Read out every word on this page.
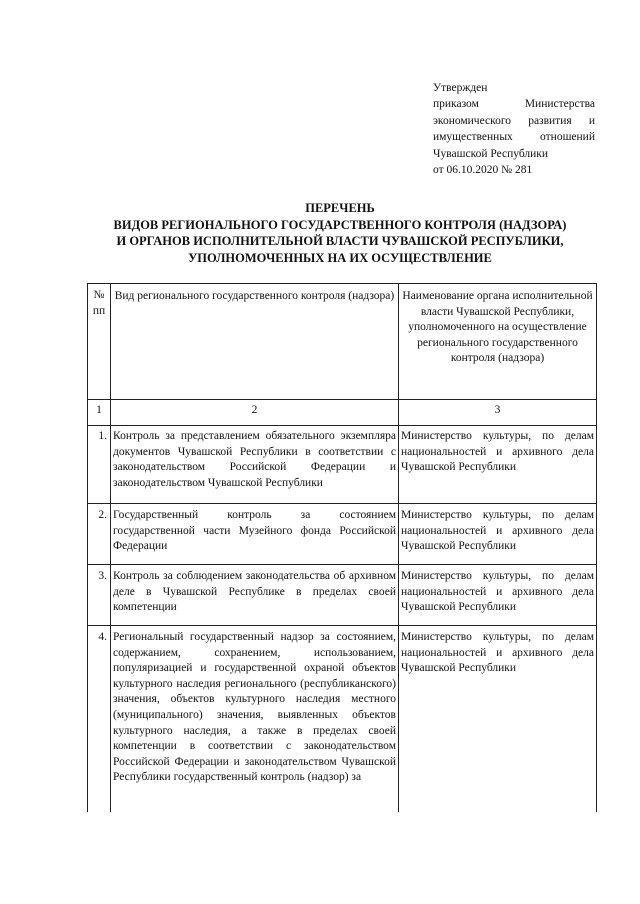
Утвержден
приказом Министерства
экономического развития и
имущественных отношений
Чувашской Республики
от 06.10.2020 № 281
ПЕРЕЧЕНЬ
ВИДОВ РЕГИОНАЛЬНОГО ГОСУДАРСТВЕННОГО КОНТРОЛЯ (НАДЗОРА)
И ОРГАНОВ ИСПОЛНИТЕЛЬНОЙ ВЛАСТИ ЧУВАШСКОЙ РЕСПУБЛИКИ,
УПОЛНОМОЧЕННЫХ НА ИХ ОСУЩЕСТВЛЕНИЕ
№ пп	Вид регионального государственного контроля (надзора)	Наименование органа исполнительной власти Чувашской Республики, уполномоченного на осуществление регионального государственного контроля (надзора)
1	2	3
1.	Контроль за представлением обязательного экземпляра документов Чувашской Республики в соответствии с законодательством Российской Федерации и законодательством Чувашской Республики	Министерство культуры, по делам национальностей и архивного дела Чувашской Республики
2.	Государственный контроль за состоянием государственной части Музейного фонда Российской Федерации	Министерство культуры, по делам национальностей и архивного дела Чувашской Республики
3.	Контроль за соблюдением законодательства об архивном деле в Чувашской Республике в пределах своей компетенции	Министерство культуры, по делам национальностей и архивного дела Чувашской Республики
4.	Региональный государственный надзор за состоянием, содержанием, сохранением, использованием, популяризацией и государственной охраной объектов культурного наследия регионального (республиканского) значения, объектов культурного наследия местного (муниципального) значения, выявленных объектов культурного наследия, а также в пределах своей компетенции в соответствии с законодательством Российской Федерации и законодательством Чувашской Республики государственный контроль (надзор) за	Министерство культуры, по делам национальностей и архивного дела Чувашской Республики
